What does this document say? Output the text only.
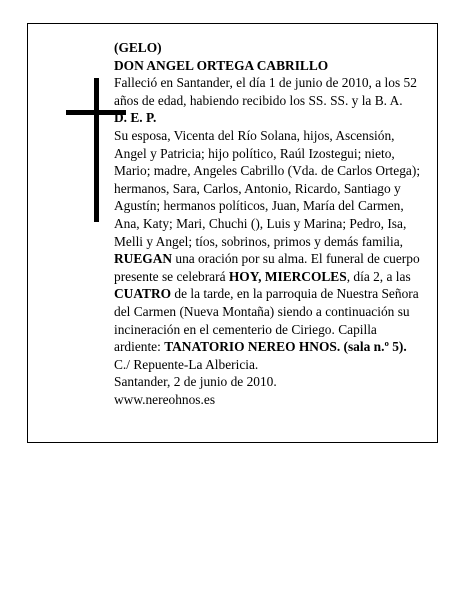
(GELO)

DON ANGEL ORTEGA CABRILLO

Falleció en Santander, el día 1 de junio de 2010, a los 52 años de edad, habiendo recibido los SS. SS. y la B. A.

D. E. P.

Su esposa, Vicenta del Río Solana, hijos, Ascensión, Angel y Patricia; hijo político, Raúl Izostegui; nieto, Mario; madre, Angeles Cabrillo (Vda. de Carlos Ortega); hermanos, Sara, Carlos, Antonio, Ricardo, Santiago y Agustín; hermanos políticos, Juan, María del Carmen, Ana, Katy; Mari, Chuchi (), Luis y Marina; Pedro, Isa, Melli y Angel; tíos, sobrinos, primos y demás familia,

RUEGAN una oración por su alma. El funeral de cuerpo presente se celebrará HOY, MIERCOLES, día 2, a las CUATRO de la tarde, en la parroquia de Nuestra Señora del Carmen (Nueva Montaña) siendo a continuación su incineración en el cementerio de Ciriego. Capilla ardiente: TANATORIO NEREO HNOS. (sala n.º 5). C./ Repuente-La Albericia.

Santander, 2 de junio de 2010.

www.nereohnos.es
